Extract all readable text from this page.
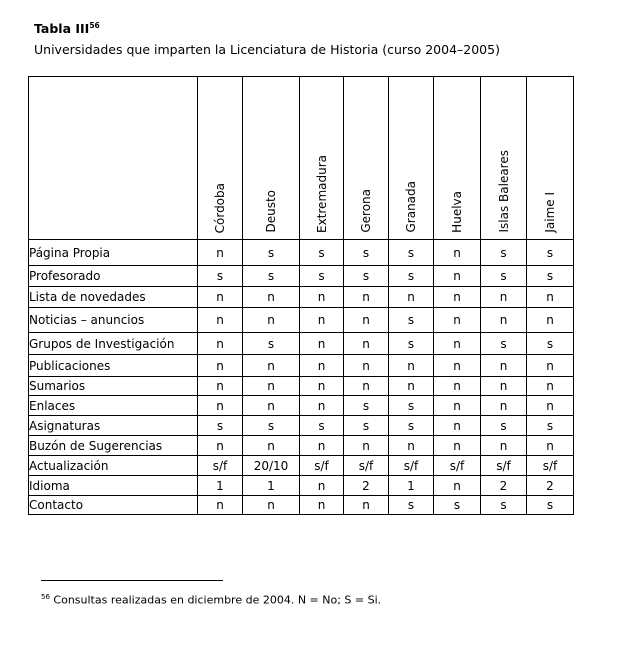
Tabla III$^{56}$
Universidades que imparten la Licenciatura de Historia (curso 2004–2005)

	Córdoba	Deusto	Extremadura	Gerona	Granada	Huelva	Islas Baleares	Jaime I

Página Propia	n	s	s	s	s	n	s	s
Profesorado	s	s	s	s	s	n	s	s
Lista de novedades	n	n	n	n	n	n	n	n
Noticias – anuncios	n	n	n	n	s	n	n	n
Grupos de Investigación	n	s	n	n	s	n	s	s
Publicaciones	n	n	n	n	n	n	n	n
Sumarios	n	n	n	n	n	n	n	n
Enlaces	n	n	n	s	s	n	n	n
Asignaturas	s	s	s	s	s	n	s	s
Buzón de Sugerencias	n	n	n	n	n	n	n	n
Actualización	s/f	20/10	s/f	s/f	s/f	s/f	s/f	s/f
Idioma	1	1	n	2	1	n	2	2
Contacto	n	n	n	n	s	s	s	s
$^{56}$ Consultas realizadas en diciembre de 2004. N = No; S = Si.
